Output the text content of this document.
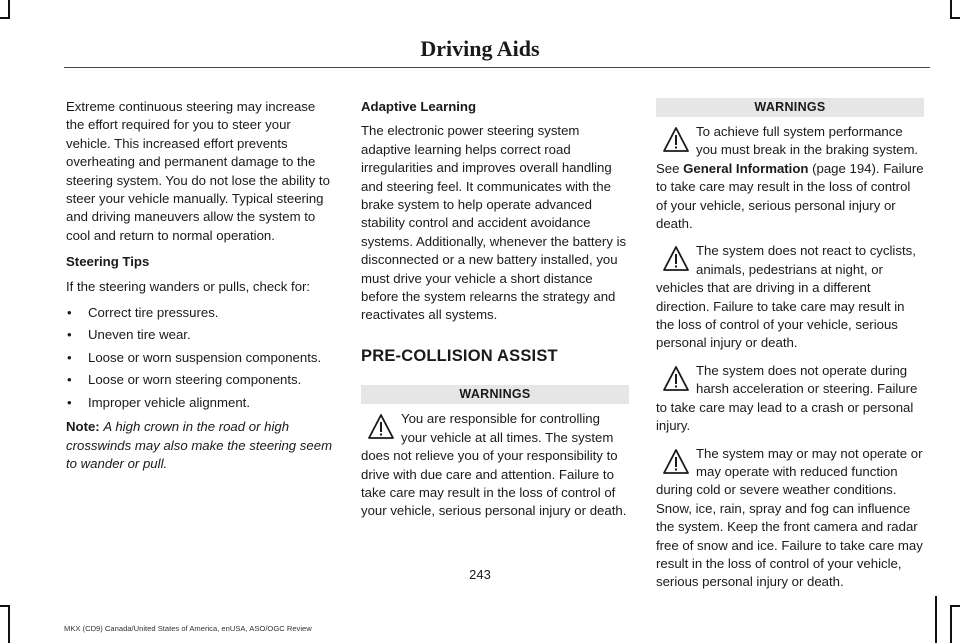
Driving Aids

Extreme continuous steering may increase the effort required for you to steer your vehicle. This increased effort prevents overheating and permanent damage to the steering system. You do not lose the ability to steer your vehicle manually. Typical steering and driving maneuvers allow the system to cool and return to normal operation.

Steering Tips

If the steering wanders or pulls, check for:

• Correct tire pressures.
• Uneven tire wear.
• Loose or worn suspension components.
• Loose or worn steering components.
• Improper vehicle alignment.

Note: A high crown in the road or high crosswinds may also make the steering seem to wander or pull.

Adaptive Learning

The electronic power steering system adaptive learning helps correct road irregularities and improves overall handling and steering feel. It communicates with the brake system to help operate advanced stability control and accident avoidance systems. Additionally, whenever the battery is disconnected or a new battery installed, you must drive your vehicle a short distance before the system relearns the strategy and reactivates all systems.

PRE-COLLISION ASSIST

WARNINGS

You are responsible for controlling your vehicle at all times. The system does not relieve you of your responsibility to drive with due care and attention. Failure to take care may result in the loss of control of your vehicle, serious personal injury or death.

WARNINGS

To achieve full system performance you must break in the braking system. See General Information (page 194). Failure to take care may result in the loss of control of your vehicle, serious personal injury or death.

The system does not react to cyclists, animals, pedestrians at night, or vehicles that are driving in a different direction. Failure to take care may result in the loss of control of your vehicle, serious personal injury or death.

The system does not operate during harsh acceleration or steering. Failure to take care may lead to a crash or personal injury.

The system may or may not operate or may operate with reduced function during cold or severe weather conditions. Snow, ice, rain, spray and fog can influence the system. Keep the front camera and radar free of snow and ice. Failure to take care may result in the loss of control of your vehicle, serious personal injury or death.

243
MKX (CD9) Canada/United States of America, enUSA, ASO/OGC Review
